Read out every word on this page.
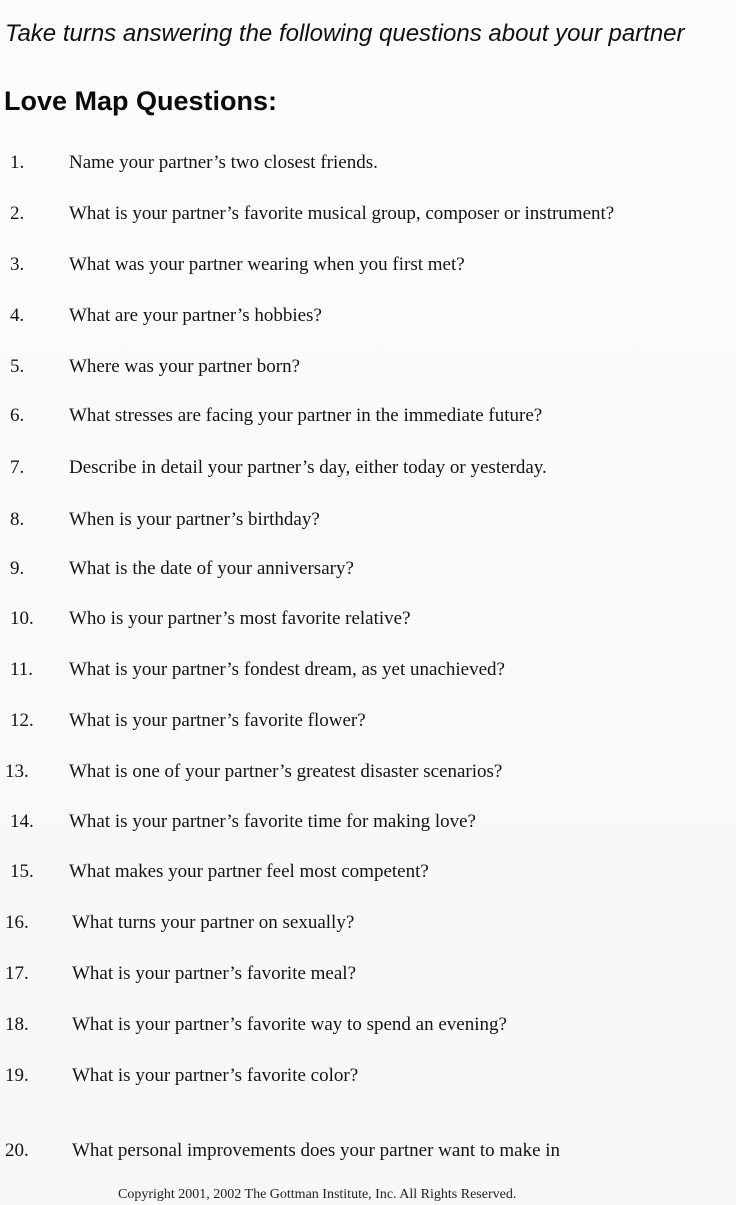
Take turns answering the following questions about your partner
Love Map Questions:
1. Name your partner’s two closest friends.
2. What is your partner’s favorite musical group, composer or instrument?
3. What was your partner wearing when you first met?
4. What are your partner’s hobbies?
5. Where was your partner born?
6. What stresses are facing your partner in the immediate future?
7. Describe in detail your partner’s day, either today or yesterday.
8. When is your partner’s birthday?
9. What is the date of your anniversary?
10. Who is your partner’s most favorite relative?
11. What is your partner’s fondest dream, as yet unachieved?
12. What is your partner’s favorite flower?
13. What is one of your partner’s greatest disaster scenarios?
14. What is your partner’s favorite time for making love?
15. What makes your partner feel most competent?
16. What turns your partner on sexually?
17. What is your partner’s favorite meal?
18. What is your partner’s favorite way to spend an evening?
19. What is your partner’s favorite color?
20. What personal improvements does your partner want to make in
Copyright 2001, 2002 The Gottman Institute, Inc. All Rights Reserved.
